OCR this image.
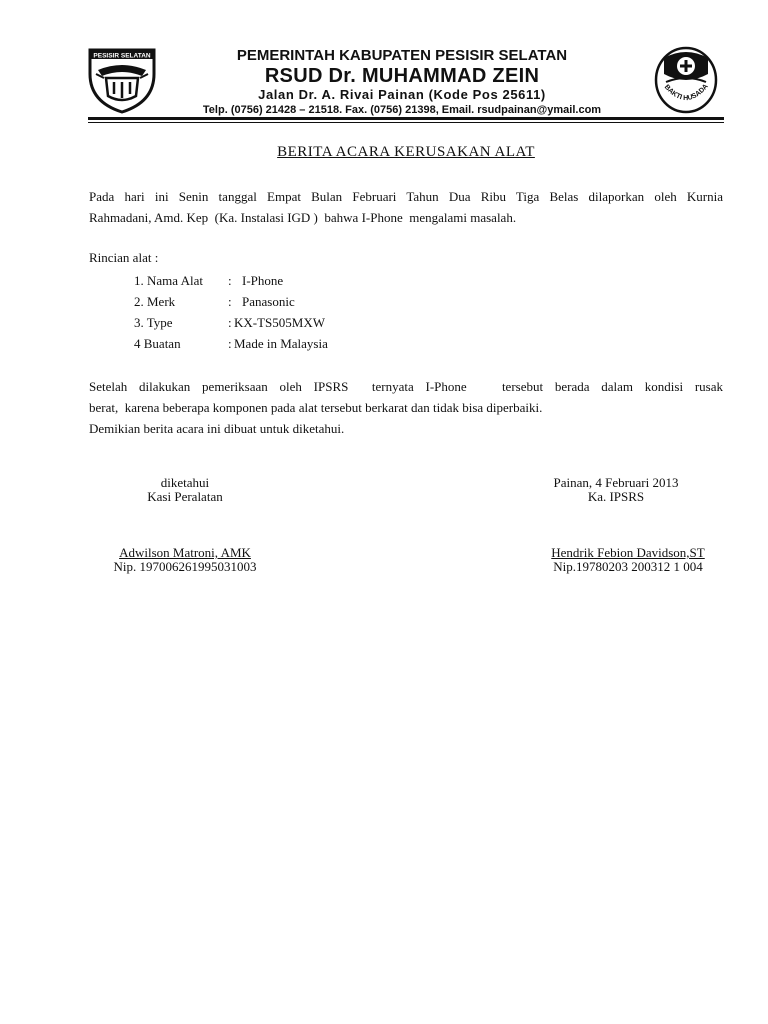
PESISIR SELATAN	PEMERINTAH KABUPATEN PESISIR SELATAN
RSUD Dr. MUHAMMAD ZEIN
Jalan Dr. A. Rivai Painan (Kode Pos 25611)
Telp. (0756) 21428 – 21518. Fax. (0756) 21398, Email. rsudpainan@ymail.com
BAKTI HUSADA
BERITA ACARA KERUSAKAN ALAT
Pada hari ini Senin tanggal Empat Bulan Februari Tahun Dua Ribu Tiga Belas dilaporkan oleh Kurnia
Rahmadani, Amd. Kep  (Ka. Instalasi IGD )  bahwa I-Phone  mengalami masalah.
Rincian alat :
1. Nama Alat : I-Phone
2. Merk	: Panasonic
3. Type	: KX-TS505MXW
4 Buatan	: Made in Malaysia
Setelah dilakukan pemeriksaan oleh IPSRS  ternyata I-Phone   tersebut berada dalam kondisi rusak
berat,  karena beberapa komponen pada alat tersebut berkarat dan tidak bisa diperbaiki.
Demikian berita acara ini dibuat untuk diketahui.
diketahui
Kasi Peralatan
Painan, 4 Februari 2013
Ka. IPSRS
Adwilson Matroni, AMK
Nip. 197006261995031003
Hendrik Febion Davidson,ST
Nip.19780203 200312 1 004
